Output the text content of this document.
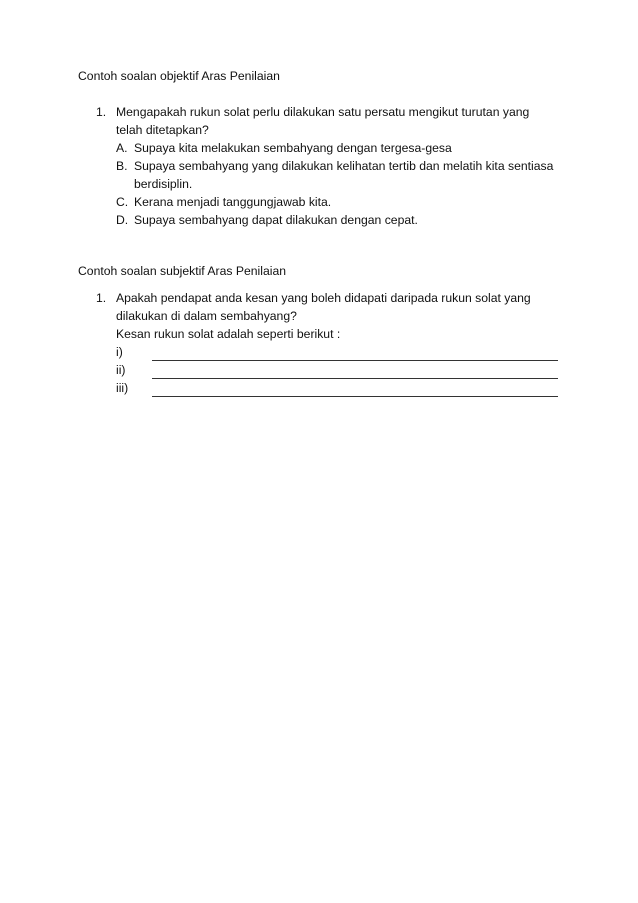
Contoh soalan objektif Aras Penilaian
1. Mengapakah rukun solat perlu dilakukan satu persatu mengikut turutan yang telah ditetapkan?
A. Supaya kita melakukan sembahyang dengan tergesa-gesa
B. Supaya sembahyang yang dilakukan kelihatan tertib dan melatih kita sentiasa berdisiplin.
C. Kerana menjadi tanggungjawab kita.
D. Supaya sembahyang dapat dilakukan dengan cepat.
Contoh soalan subjektif Aras Penilaian
1. Apakah pendapat anda kesan yang boleh didapati daripada rukun solat yang dilakukan di dalam sembahyang?
Kesan rukun solat adalah seperti berikut :
i)
ii)
iii)
